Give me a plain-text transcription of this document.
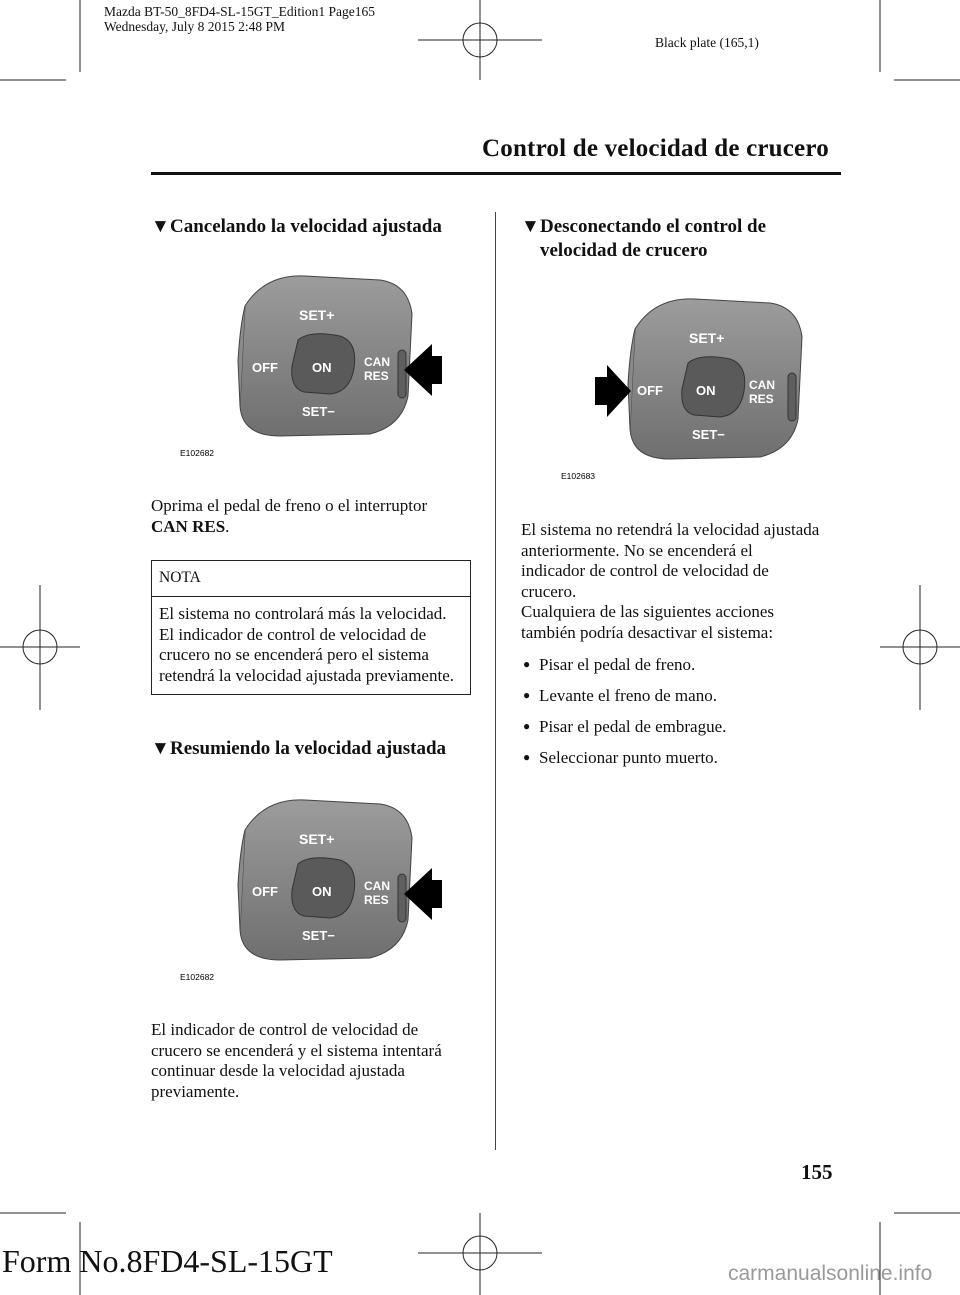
Mazda BT-50_8FD4-SL-15GT_Edition1 Page165
Wednesday, July 8 2015 2:48 PM
Black plate (165,1)
Control de velocidad de crucero
▼Cancelando la velocidad ajustada
SET+
OFF	ON	CAN
RES
SET−
E102682
Oprima el pedal de freno o el interruptor
CAN RES.
NOTA
El sistema no controlará más la velocidad. El indicador de control de velocidad de crucero no se encenderá pero el sistema retendrá la velocidad ajustada previamente.
▼Resumiendo la velocidad ajustada
SET+
OFF	ON	CAN
RES
SET−
E102682
El indicador de control de velocidad de crucero se encenderá y el sistema intentará continuar desde la velocidad ajustada previamente.
▼Desconectando el control de
velocidad de crucero
SET+
OFF	ON	CAN
RES
SET−
E102683
El sistema no retendrá la velocidad ajustada anteriormente. No se encenderá el indicador de control de velocidad de crucero.
Cualquiera de las siguientes acciones también podría desactivar el sistema:
● Pisar el pedal de freno.
● Levante el freno de mano.
● Pisar el pedal de embrague.
● Seleccionar punto muerto.
155
Form No.8FD4-SL-15GT	carmanualsonline.info
